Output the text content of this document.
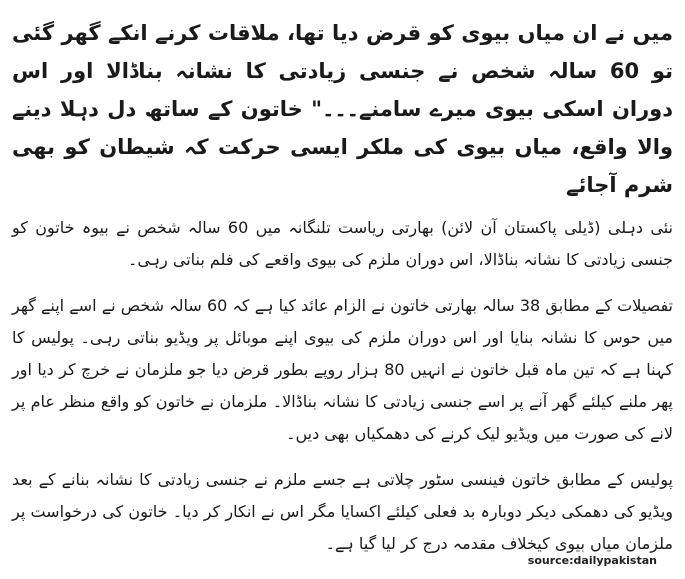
میں نے ان میاں بیوی کو قرض دیا تھا، ملاقات کرنے انکے گھر گئی تو 60 سالہ شخص نے جنسی زیادتی کا نشانہ بناڈالا اور اس دوران اسکی بیوی میرے سامنے۔۔۔" خاتون کے ساتھ دل دہلا دینے والا واقع، میاں بیوی کی ملکر ایسی حرکت کہ شیطان کو بھی شرم آجائے

نئی دہلی (ڈیلی پاکستان آن لائن) بھارتی ریاست تلنگانہ میں 60 سالہ شخص نے بیوہ خاتون کو جنسی زیادتی کا نشانہ بناڈالا، اس دوران ملزم کی بیوی واقعے کی فلم بناتی رہی۔

تفصیلات کے مطابق 38 سالہ بھارتی خاتون نے الزام عائد کیا ہے کہ 60 سالہ شخص نے اسے اپنے گھر میں حوس کا نشانہ بنایا اور اس دوران ملزم کی بیوی اپنے موبائل پر ویڈیو بناتی رہی۔ پولیس کا کہنا ہے کہ تین ماہ قبل خاتون نے انہیں 80 ہزار روپے بطور قرض دیا جو ملزمان نے خرچ کر دیا اور پھر ملنے کیلئے گھر آنے پر اسے جنسی زیادتی کا نشانہ بناڈالا۔ ملزمان نے خاتون کو واقع منظر عام پر لانے کی صورت میں ویڈیو لیک کرنے کی دھمکیاں بھی دیں۔

پولیس کے مطابق خاتون فینسی سٹور چلاتی ہے جسے ملزم نے جنسی زیادتی کا نشانہ بنانے کے بعد ویڈیو کی دھمکی دیکر دوبارہ بد فعلی کیلئے اکسایا مگر اس نے انکار کر دیا۔ خاتون کی درخواست پر ملزمان میاں بیوی کیخلاف مقدمہ درج کر لیا گیا ہے۔

source:dailypakistan
